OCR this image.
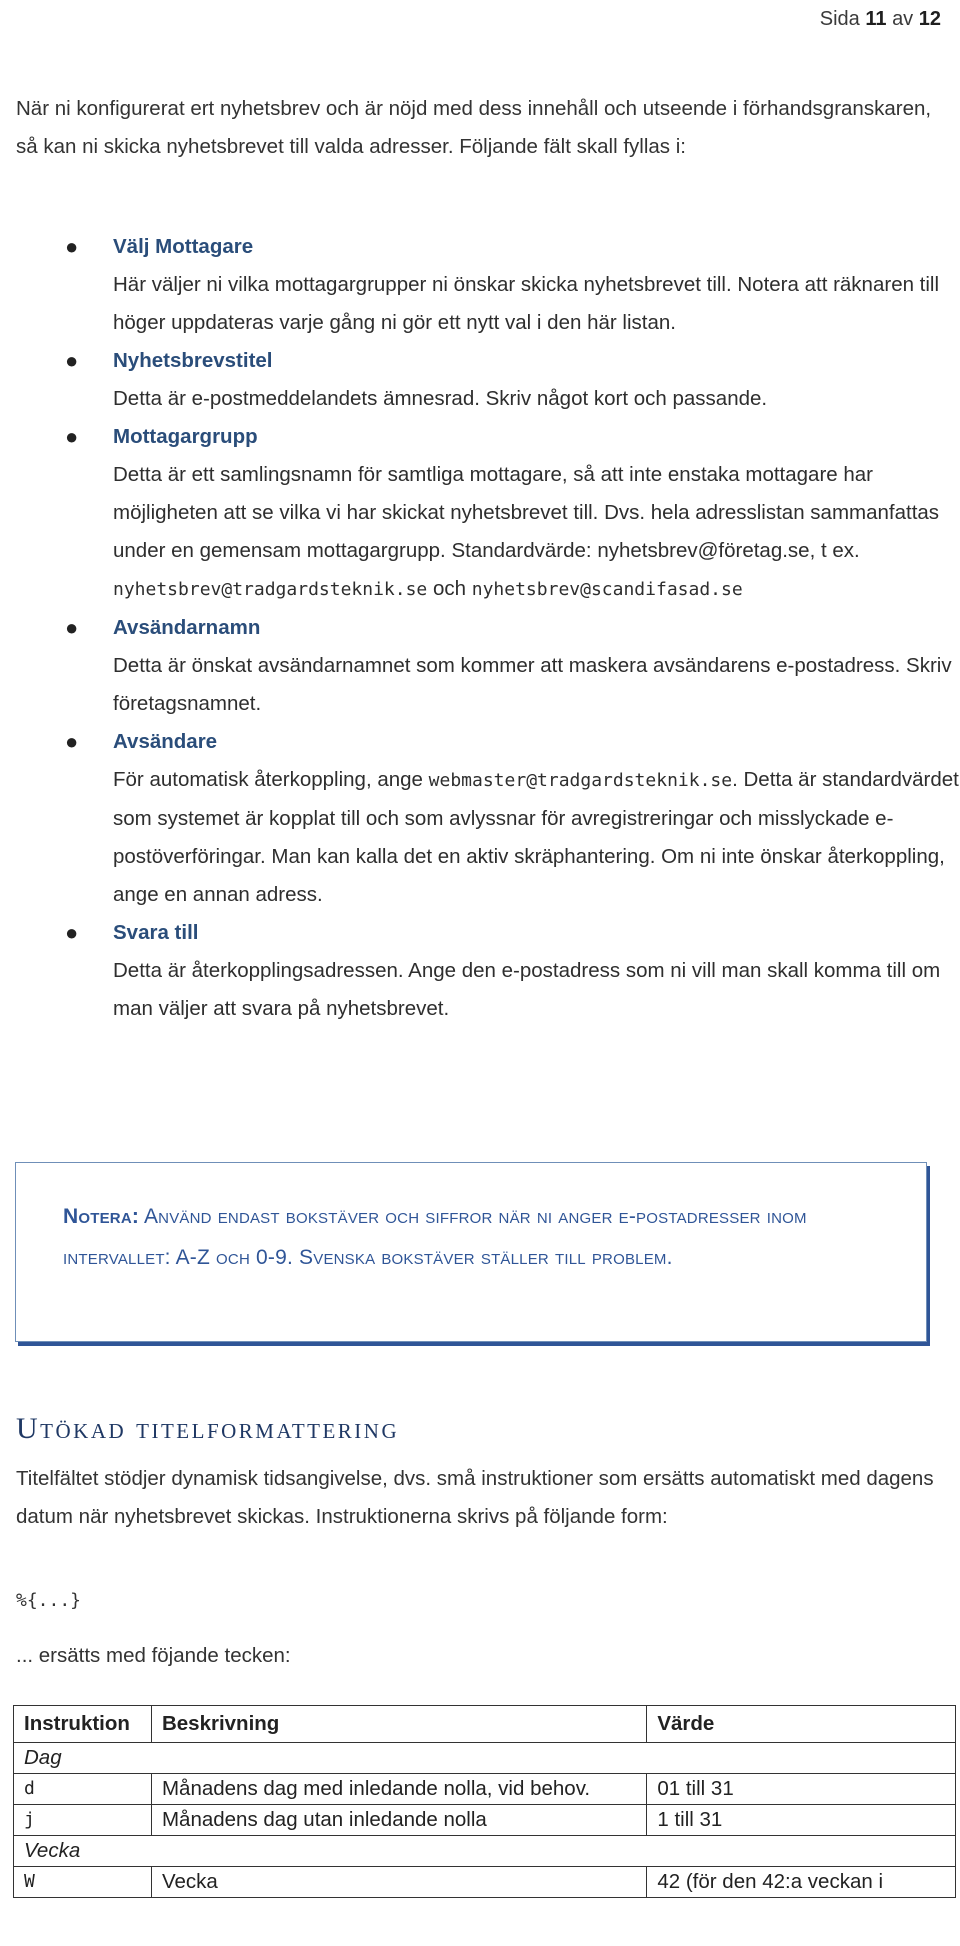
Sida 11 av 12
När ni konfigurerat ert nyhetsbrev och är nöjd med dess innehåll och utseende i förhandsgranskaren, så kan ni skicka nyhetsbrevet till valda adresser. Följande fält skall fyllas i:
● Välj Mottagare
Här väljer ni vilka mottagargrupper ni önskar skicka nyhetsbrevet till. Notera att räknaren till höger uppdateras varje gång ni gör ett nytt val i den här listan.
● Nyhetsbrevstitel
Detta är e-postmeddelandets ämnesrad. Skriv något kort och passande.
● Mottagargrupp
Detta är ett samlingsnamn för samtliga mottagare, så att inte enstaka mottagare har möjligheten att se vilka vi har skickat nyhetsbrevet till. Dvs. hela adresslistan sammanfattas under en gemensam mottagargrupp. Standardvärde: nyhetsbrev@företag.se, t ex.
nyhetsbrev@tradgardsteknik.se och nyhetsbrev@scandifasad.se
● Avsändarnamn
Detta är önskat avsändarnamnet som kommer att maskera avsändarens e-postadress. Skriv företagsnamnet.
● Avsändare
För automatisk återkoppling, ange webmaster@tradgardsteknik.se. Detta är standardvärdet som systemet är kopplat till och som avlyssnar för avregistreringar och misslyckade e-postöverföringar. Man kan kalla det en aktiv skräphantering. Om ni inte önskar återkoppling, ange en annan adress.
● Svara till
Detta är återkopplingsadressen. Ange den e-postadress som ni vill man skall komma till om man väljer att svara på nyhetsbrevet.
Notera: Använd endast bokstäver och siffror när ni anger e-postadresser inom intervallet: A-Z och 0-9. Svenska bokstäver ställer till problem.
Utökad titelformattering
Titelfältet stödjer dynamisk tidsangivelse, dvs. små instruktioner som ersätts automatiskt med dagens datum när nyhetsbrevet skickas. Instruktionerna skrivs på följande form:
%{...}
... ersätts med föjande tecken:
Instruktion	Beskrivning	Värde
Dag		
d	Månadens dag med inledande nolla, vid behov.	01 till 31
j	Månadens dag utan inledande nolla	1 till 31
Vecka		
W	Vecka	42 (för den 42:a veckan i
